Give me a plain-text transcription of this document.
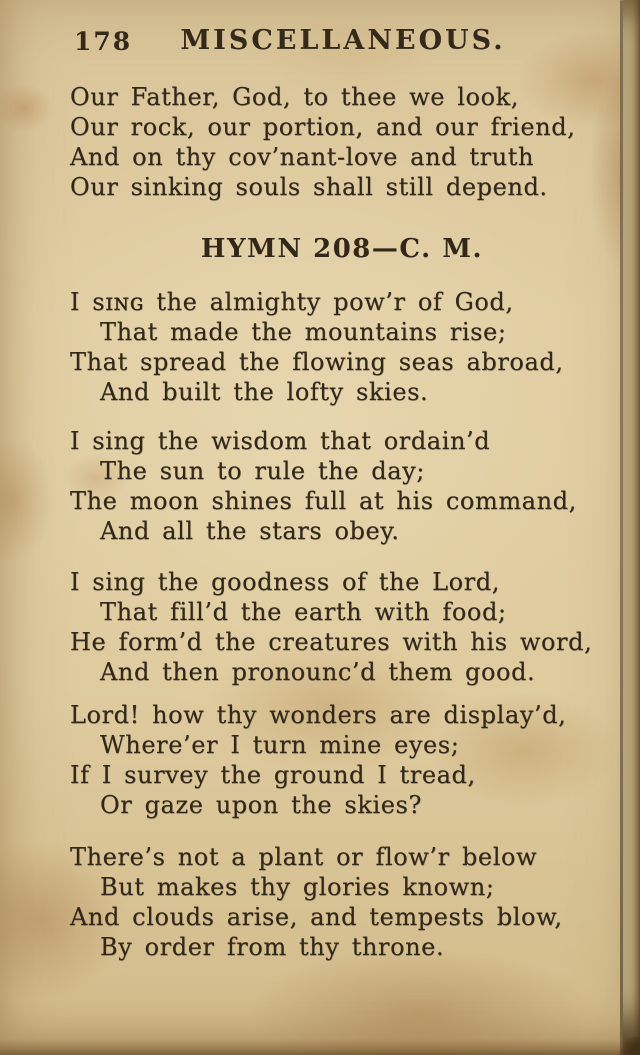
178	MISCELLANEOUS.
Our Father, God, to thee we look,
Our rock, our portion, and our friend,
And on thy cov’nant-love and truth
Our sinking souls shall still depend.
HYMN 208—C. M.
I sɪɴɢ the almighty pow’r of God,
That made the mountains rise;
That spread the flowing seas abroad,
And built the lofty skies.
I sing the wisdom that ordain’d
The sun to rule the day;
The moon shines full at his command,
And all the stars obey.
I sing the goodness of the Lord,
That fill’d the earth with food;
He form’d the creatures with his word,
And then pronounc’d them good.
Lord! how thy wonders are display’d,
Where’er I turn mine eyes;
If I survey the ground I tread,
Or gaze upon the skies?
There’s not a plant or flow’r below
But makes thy glories known;
And clouds arise, and tempests blow,
By order from thy throne.
